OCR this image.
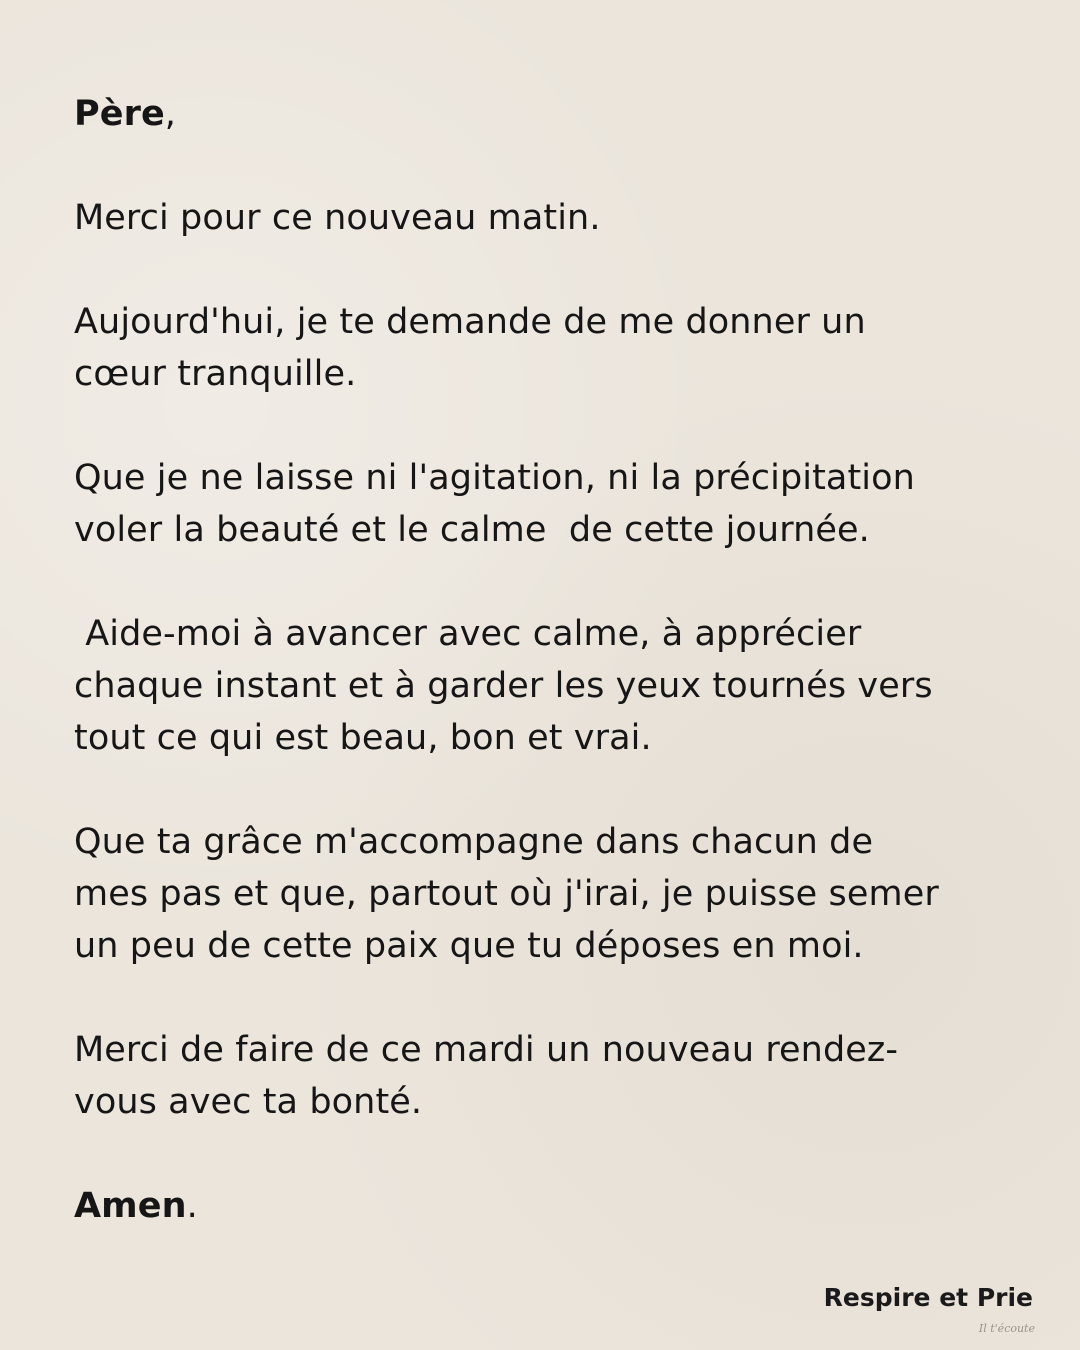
Père,

Merci pour ce nouveau matin.

Aujourd'hui, je te demande de me donner un
cœur tranquille.

Que je ne laisse ni l'agitation, ni la précipitation
voler la beauté et le calme  de cette journée.

Aide-moi à avancer avec calme, à apprécier
chaque instant et à garder les yeux tournés vers
tout ce qui est beau, bon et vrai.

Que ta grâce m'accompagne dans chacun de
mes pas et que, partout où j'irai, je puisse semer
un peu de cette paix que tu déposes en moi.

Merci de faire de ce mardi un nouveau rendez-
vous avec ta bonté.

Amen.

Respire et Prie
Il t'écoute
